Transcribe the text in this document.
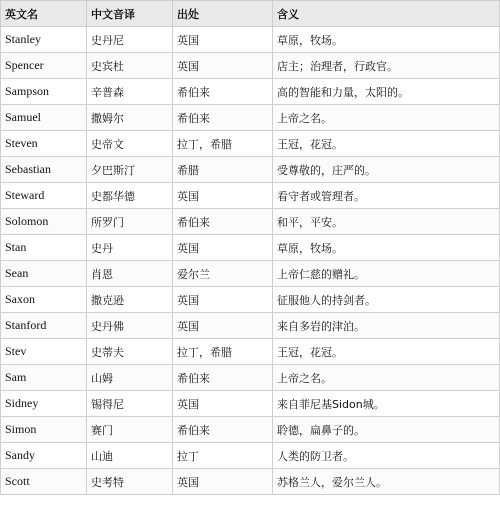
英文名	中文音译	出处	含义
Stanley	史丹尼	英国	草原，牧场。
Spencer	史宾杜	英国	店主；治理者，行政官。
Sampson	辛普森	希伯来	高的智能和力量，太阳的。
Samuel	撒姆尔	希伯来	上帝之名。
Steven	史帝文	拉丁，希腊	王冠，花冠。
Sebastian	夕巴斯汀	希腊	受尊敬的，庄严的。
Steward	史都华德	英国	看守者或管理者。
Solomon	所罗门	希伯来	和平，平安。
Stan	史丹	英国	草原，牧场。
Sean	肖恩	爱尔兰	上帝仁慈的赠礼。
Saxon	撒克逊	英国	征服他人的持剑者。
Stanford	史丹佛	英国	来自多岩的津泊。
Stev	史蒂夫	拉丁，希腊	王冠，花冠。
Sam	山姆	希伯来	上帝之名。
Sidney	锡得尼	英国	来自菲尼基Sidon城。
Simon	赛门	希伯来	聆德，扁鼻子的。
Sandy	山迪	拉丁	人类的防卫者。
Scott	史考特	英国	苏格兰人，爱尔兰人。
